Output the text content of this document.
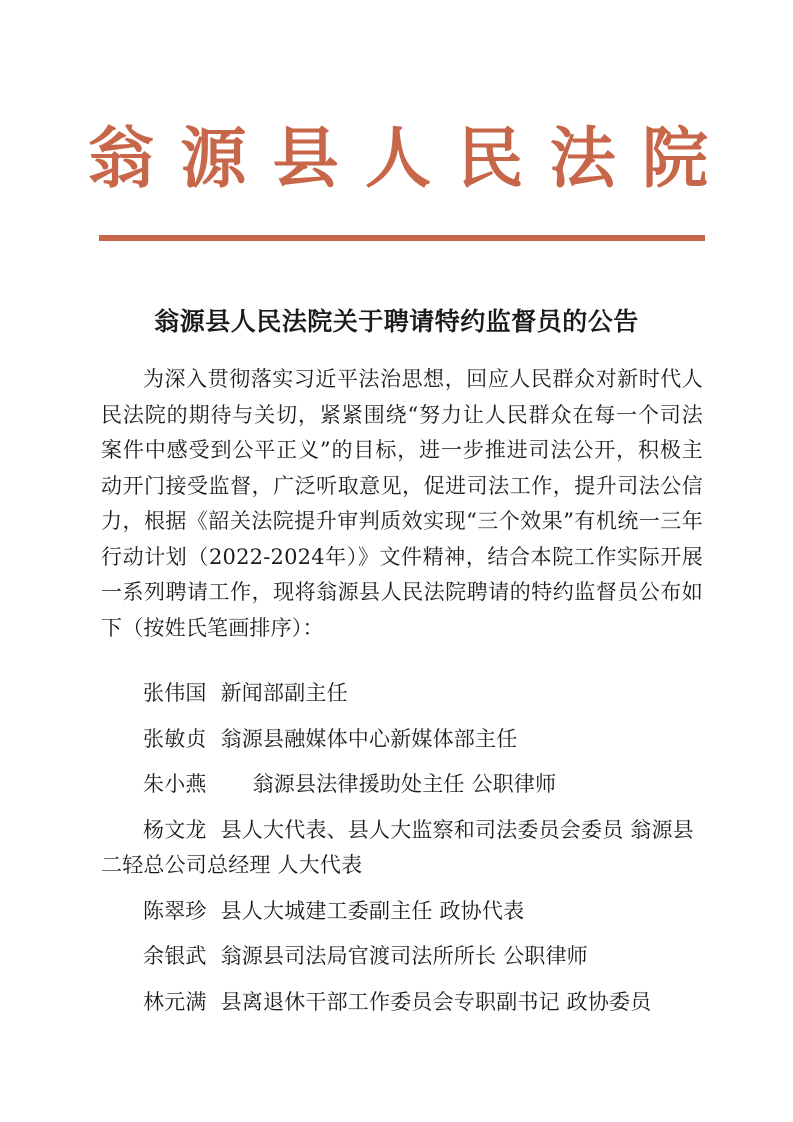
翁 源 县 人 民 法 院
翁源县人民法院关于聘请特约监督员的公告

为深入贯彻落实习近平法治思想，回应人民群众对新时代人民法院的期待与关切，紧紧围绕“努力让人民群众在每一个司法案件中感受到公平正义”的目标，进一步推进司法公开，积极主动开门接受监督，广泛听取意见，促进司法工作，提升司法公信力，根据《韶关法院提升审判质效实现“三个效果”有机统一三年行动计划（2022-2024年）》文件精神，结合本院工作实际开展一系列聘请工作，现将翁源县人民法院聘请的特约监督员公布如下（按姓氏笔画排序）：

张伟国 新闻部副主任
张敏贞 翁源县融媒体中心新媒体部主任
朱小燕 翁源县法律援助处主任 公职律师
杨文龙 县人大代表、县人大监察和司法委员会委员 翁源县二轻总公司总经理 人大代表
陈翠珍 县人大城建工委副主任 政协代表
余银武 翁源县司法局官渡司法所所长 公职律师
林元满 县离退休干部工作委员会专职副书记 政协委员
